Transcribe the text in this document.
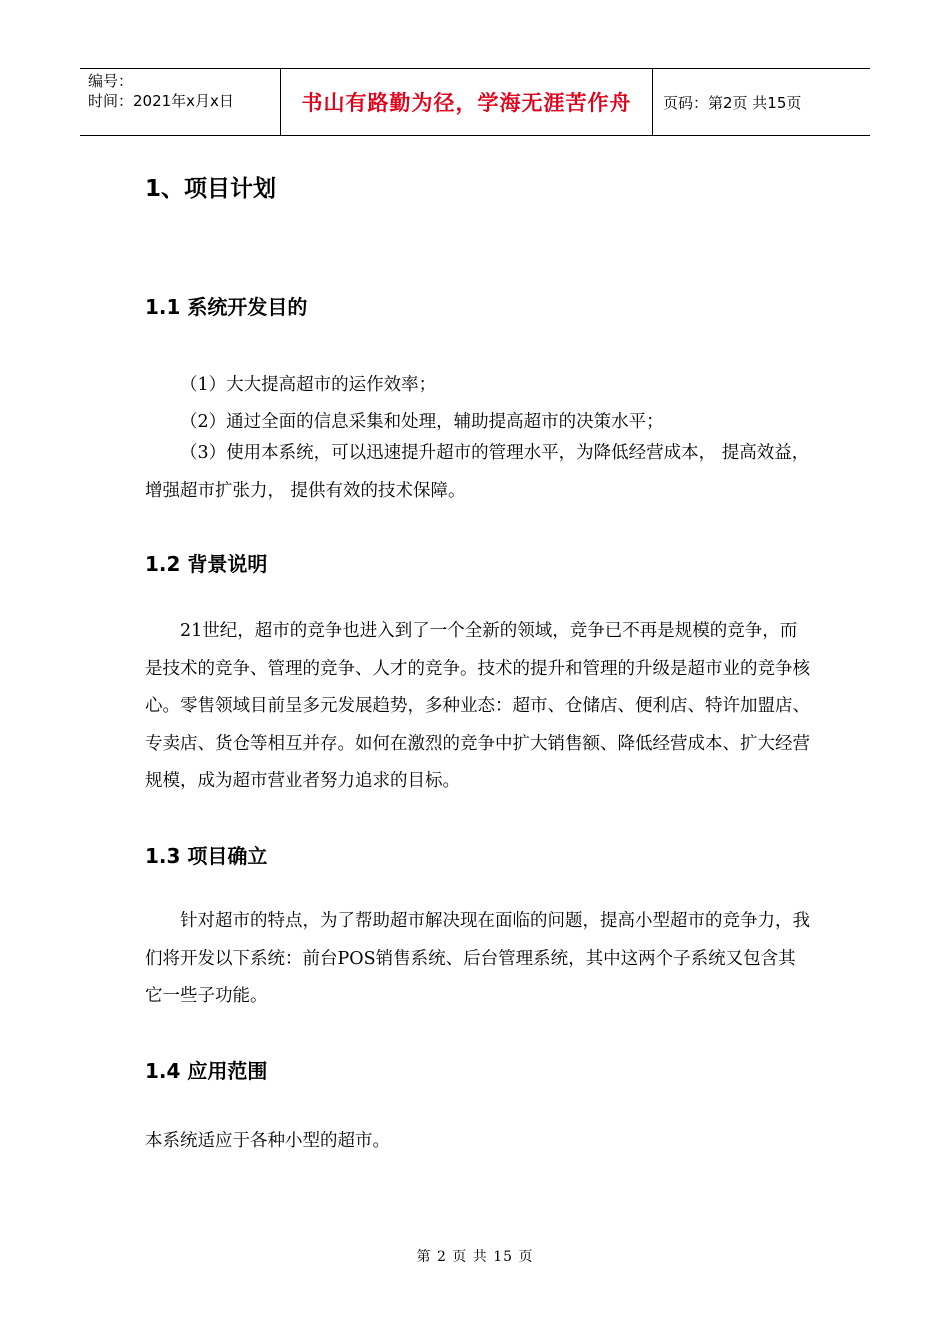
编号：
时间：2021年x月x日	书山有路勤为径，学海无涯苦作舟 页码：第2页 共15页
1、项目计划
1.1 系统开发目的

（1）大大提高超市的运作效率；

（2）通过全面的信息采集和处理，辅助提高超市的决策水平；

（3）使用本系统，可以迅速提升超市的管理水平，为降低经营成本， 提高效益，增强超市扩张力， 提供有效的技术保障。

1.2 背景说明

21世纪，超市的竞争也进入到了一个全新的领域，竞争已不再是规模的竞争，而是技术的竞争、管理的竞争、人才的竞争。技术的提升和管理的升级是超市业的竞争核心。零售领域目前呈多元发展趋势，多种业态：超市、仓储店、便利店、特许加盟店、专卖店、货仓等相互并存。如何在激烈的竞争中扩大销售额、降低经营成本、扩大经营规模，成为超市营业者努力追求的目标。

1.3 项目确立

针对超市的特点，为了帮助超市解决现在面临的问题，提高小型超市的竞争力，我们将开发以下系统：前台POS销售系统、后台管理系统，其中这两个子系统又包含其它一些子功能。

1.4 应用范围

本系统适应于各种小型的超市。

第 2 页 共 15 页
